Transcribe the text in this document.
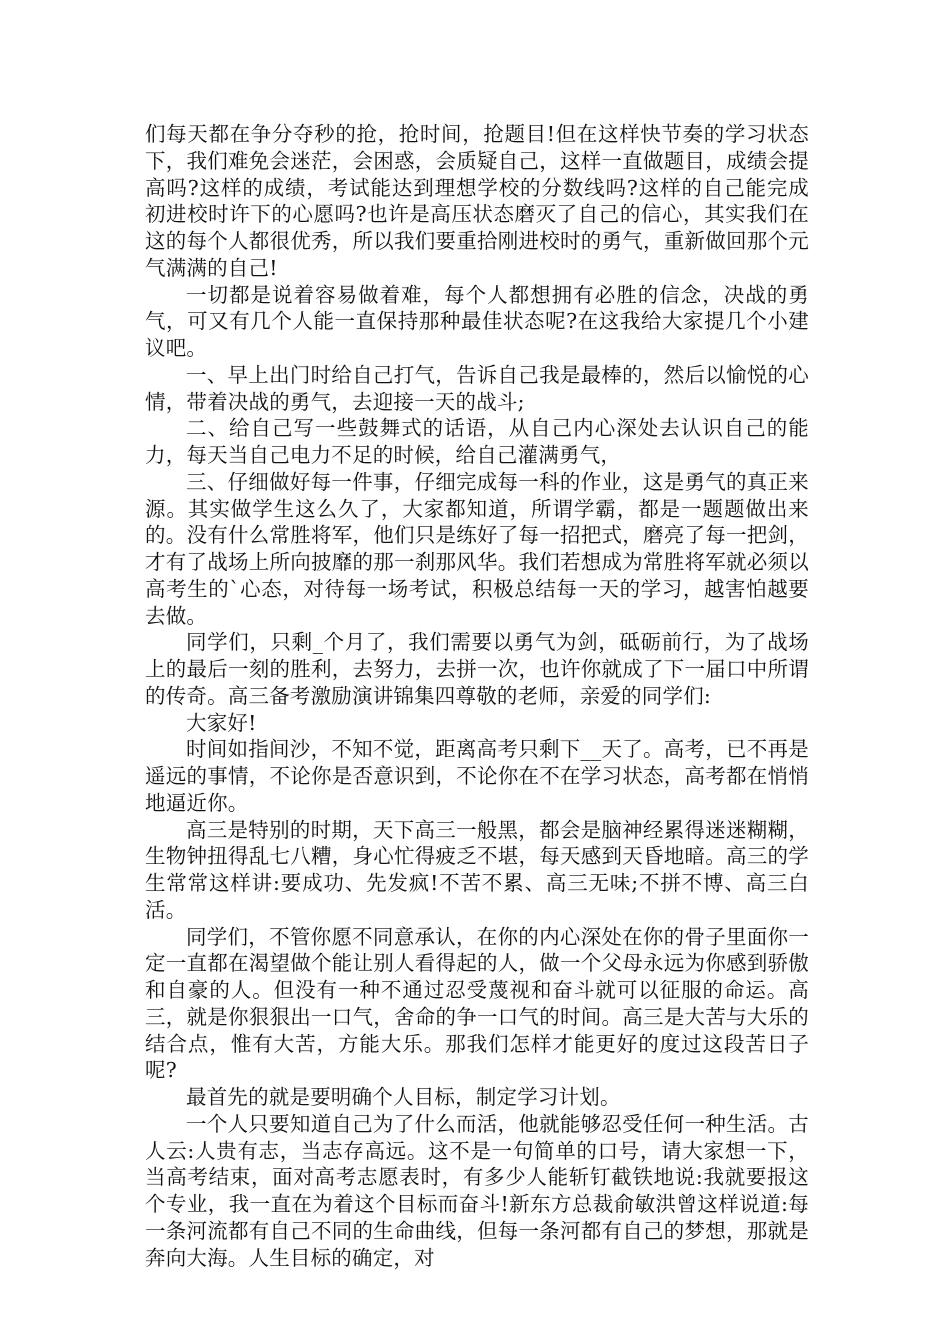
们每天都在争分夺秒的抢，抢时间，抢题目!但在这样快节奏的学习状态下，我们难免会迷茫，会困惑，会质疑自己，这样一直做题目，成绩会提高吗?这样的成绩，考试能达到理想学校的分数线吗?这样的自己能完成初进校时许下的心愿吗?也许是高压状态磨灭了自己的信心，其实我们在这的每个人都很优秀，所以我们要重拾刚进校时的勇气，重新做回那个元气满满的自己!

一切都是说着容易做着难，每个人都想拥有必胜的信念，决战的勇气，可又有几个人能一直保持那种最佳状态呢?在这我给大家提几个小建议吧。

一、早上出门时给自己打气，告诉自己我是最棒的，然后以愉悦的心情，带着决战的勇气，去迎接一天的战斗;

二、给自己写一些鼓舞式的话语，从自己内心深处去认识自己的能力，每天当自己电力不足的时候，给自己灌满勇气，

三、仔细做好每一件事，仔细完成每一科的作业，这是勇气的真正来源。其实做学生这么久了，大家都知道，所谓学霸，都是一题题做出来的。没有什么常胜将军，他们只是练好了每一招把式，磨亮了每一把剑，才有了战场上所向披靡的那一刹那风华。我们若想成为常胜将军就必须以高考生的`心态，对待每一场考试，积极总结每一天的学习，越害怕越要去做。

同学们，只剩_个月了，我们需要以勇气为剑，砥砺前行，为了战场上的最后一刻的胜利，去努力，去拼一次，也许你就成了下一届口中所谓的传奇。高三备考激励演讲锦集四尊敬的老师，亲爱的同学们:

大家好!

时间如指间沙，不知不觉，距离高考只剩下__天了。高考，已不再是遥远的事情，不论你是否意识到，不论你在不在学习状态，高考都在悄悄地逼近你。

高三是特别的时期，天下高三一般黑，都会是脑神经累得迷迷糊糊，生物钟扭得乱七八糟，身心忙得疲乏不堪，每天感到天昏地暗。高三的学生常常这样讲:要成功、先发疯!不苦不累、高三无味;不拼不博、高三白活。

同学们，不管你愿不同意承认，在你的内心深处在你的骨子里面你一定一直都在渴望做个能让别人看得起的人，做一个父母永远为你感到骄傲和自豪的人。但没有一种不通过忍受蔑视和奋斗就可以征服的命运。高三，就是你狠狠出一口气，舍命的争一口气的时间。高三是大苦与大乐的结合点，惟有大苦，方能大乐。那我们怎样才能更好的度过这段苦日子呢?

最首先的就是要明确个人目标，制定学习计划。

一个人只要知道自己为了什么而活，他就能够忍受任何一种生活。古人云:人贵有志，当志存高远。这不是一句简单的口号，请大家想一下，当高考结束，面对高考志愿表时，有多少人能斩钉截铁地说:我就要报这个专业，我一直在为着这个目标而奋斗!新东方总裁俞敏洪曾这样说道:每一条河流都有自己不同的生命曲线，但每一条河都有自己的梦想，那就是奔向大海。人生目标的确定，对
